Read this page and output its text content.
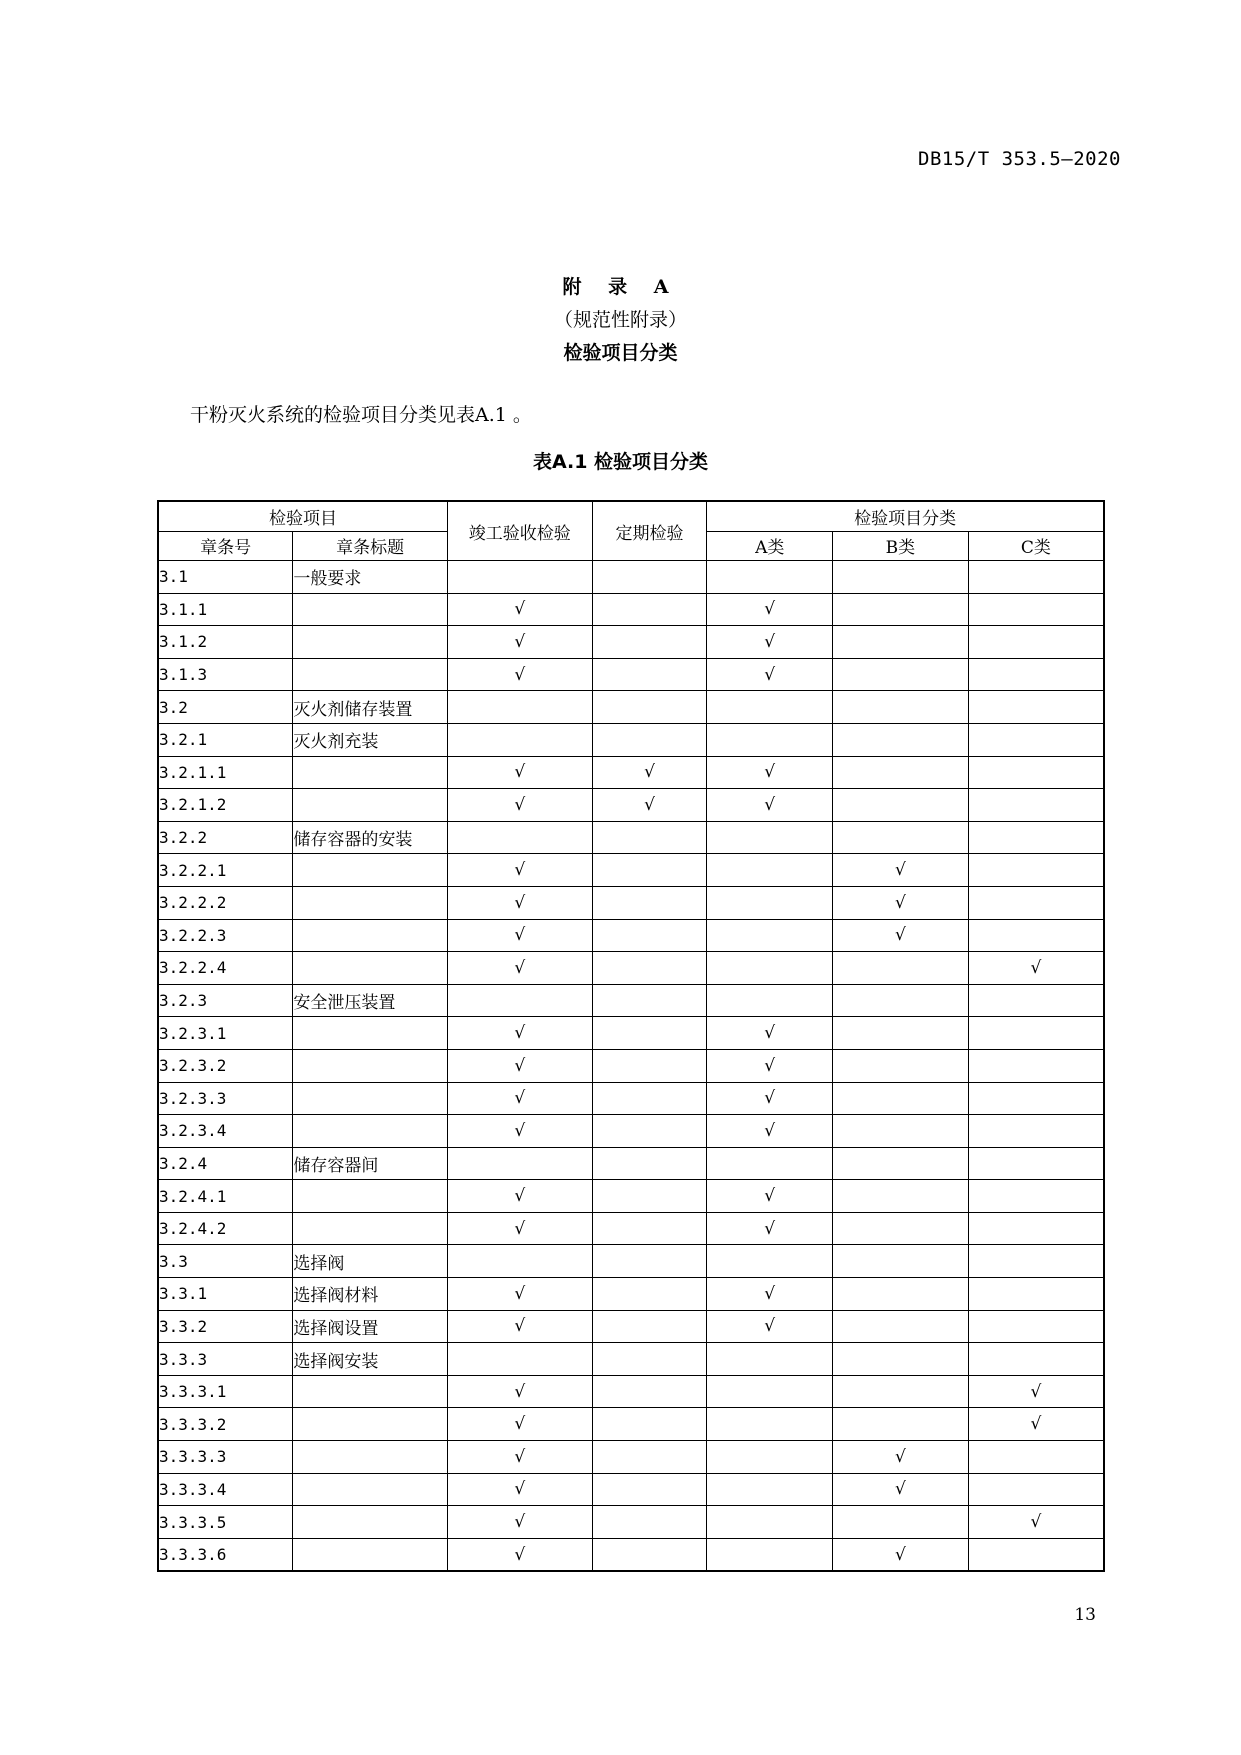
DB15/T 353.5—2020
附 录 A
（规范性附录）
检验项目分类
干粉灭火系统的检验项目分类见表A.1 。
表A.1 检验项目分类
检验项目		竣工验收检验	定期检验	检验项目分类		
章条号	章条标题			A类	B类	C类
3.1	一般要求					
3.1.1		√		√		
3.1.2		√		√		
3.1.3		√		√		
3.2	灭火剂储存装置					
3.2.1	灭火剂充装					
3.2.1.1		√	√	√		
3.2.1.2		√	√	√		
3.2.2	储存容器的安装					
3.2.2.1		√			√	
3.2.2.2		√			√	
3.2.2.3		√			√	
3.2.2.4		√				√
3.2.3	安全泄压装置					
3.2.3.1		√		√		
3.2.3.2		√		√		
3.2.3.3		√		√		
3.2.3.4		√		√		
3.2.4	储存容器间					
3.2.4.1		√		√		
3.2.4.2		√		√		
3.3	选择阀					
3.3.1	选择阀材料	√		√		
3.3.2	选择阀设置	√		√		
3.3.3	选择阀安装					
3.3.3.1		√				√
3.3.3.2		√				√
3.3.3.3		√			√	
3.3.3.4		√			√	
3.3.3.5		√				√
3.3.3.6		√			√	
13
